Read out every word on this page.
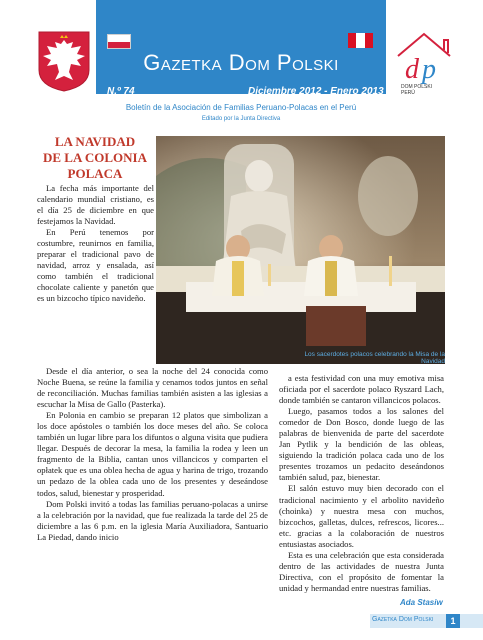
Gazetka Dom Polski
N.º 74	Diciembre 2012 - Enero 2013
Boletín de la Asociación de Familias Peruano-Polacas en el Perú
Editado por la Junta Directiva
d p
DOM POLSKI
PERÚ
LA NAVIDAD
DE LA COLONIA
POLACA

La fecha más importante del calendario mundial cristiano, es el día 25 de diciembre en que festejamos la Navidad.

En Perú tenemos por costumbre, reunirnos en familia, preparar el tradicional pavo de navidad, arroz y ensalada, así como también el tradicional chocolate caliente y panetón que es un bizcocho típico navideño.

Los sacerdotes polacos celebrando la Misa de la Navidad

Desde el día anterior, o sea la noche del 24 conocida como Noche Buena, se reúne la familia y cenamos todos juntos en señal de reconciliación. Muchas familias también asisten a las iglesias a escuchar la Misa de Gallo (Pasterka).

En Polonia en cambio se preparan 12 platos que simbolizan a los doce apóstoles o también los doce meses del año. Se coloca también un lugar libre para los difuntos o alguna visita que pudiera llegar. Después de decorar la mesa, la familia la rodea y leen un fragmento de la Biblia, cantan unos villancicos y comparten el opłatek que es una oblea hecha de agua y harina de trigo, trozando un pedazo de la oblea cada uno de los presentes y deseándose todos, salud, bienestar y prosperidad.

Dom Polski invitó a todas las familias peruano-polacas a unirse a la celebración por la navidad, que fue realizada la tarde del 25 de diciembre a las 6 p.m. en la iglesia María Auxiliadora, Santuario La Piedad, dando inicio

a esta festividad con una muy emotiva misa oficiada por el sacerdote polaco Ryszard Lach, donde también se cantaron villancicos polacos.

Luego, pasamos todos a los salones del comedor de Don Bosco, donde luego de las palabras de bienvenida de parte del sacerdote Jan Pytlik y la bendición de las obleas, siguiendo la tradición polaca cada uno de los presentes trozamos un pedacito deseándonos también salud, paz, bienestar.

El salón estuvo muy bien decorado con el tradicional nacimiento y el arbolito navideño (choinka) y nuestra mesa con muchos, bizcochos, galletas, dulces, refrescos, licores... etc. gracias a la colaboración de nuestros entusiastas asociados.

Esta es una celebración que esta considerada dentro de las actividades de nuestra Junta Directiva, con el propósito de fomentar la unidad y hermandad entre nuestras familias.

Ada Stasiw
Gazetka Dom Polski	1
